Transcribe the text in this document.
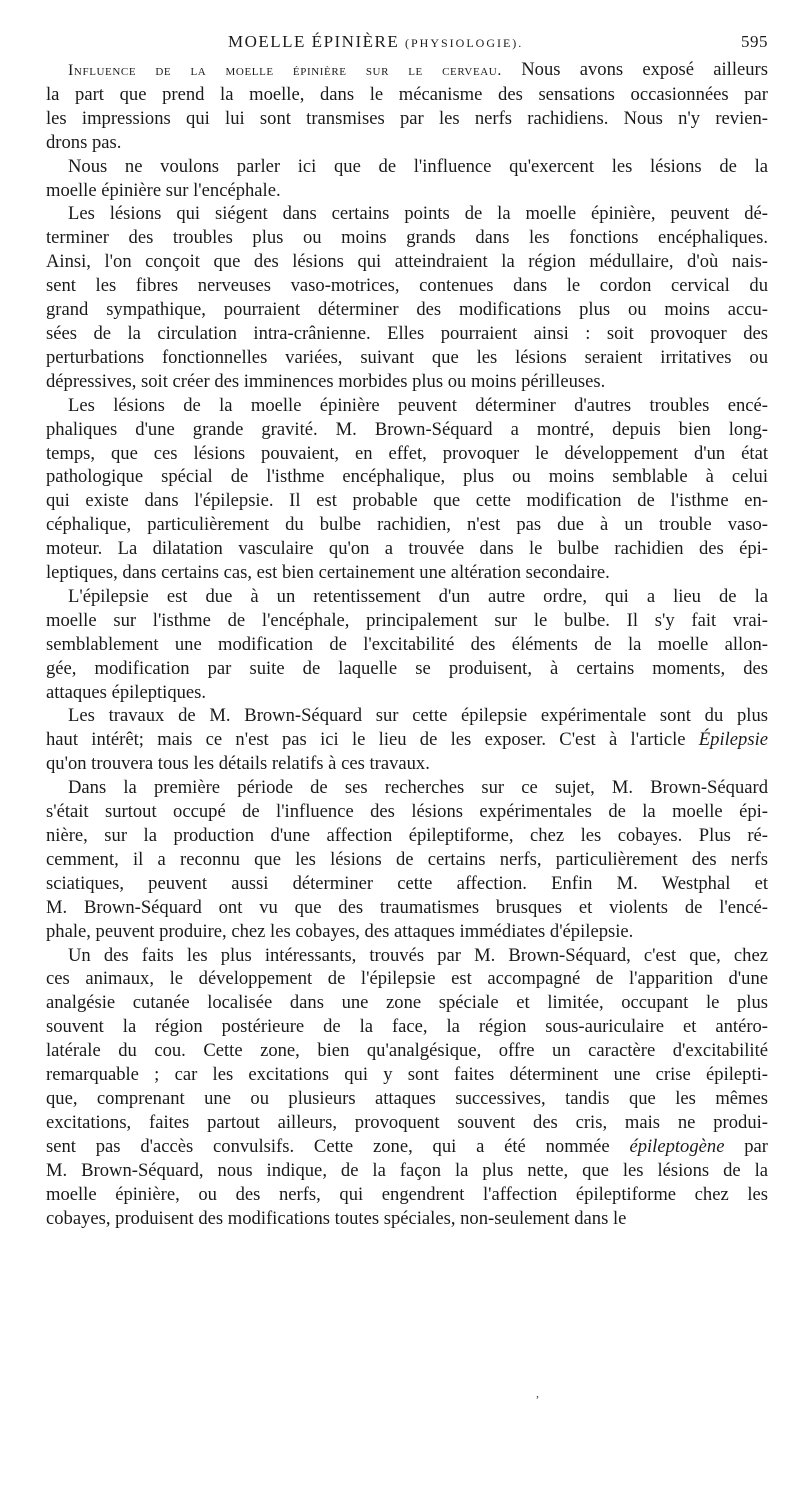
MOELLE ÉPINIÈRE (PHYSIOLOGIE).	595

Influence de la moelle épinière sur le cerveau. Nous avons exposé ailleurs
la part que prend la moelle, dans le mécanisme des sensations occasionnées par
les impressions qui lui sont transmises par les nerfs rachidiens. Nous n'y revien-
drons pas.

Nous ne voulons parler ici que de l'influence qu'exercent les lésions de la
moelle épinière sur l'encéphale.

Les lésions qui siégent dans certains points de la moelle épinière, peuvent dé-
terminer des troubles plus ou moins grands dans les fonctions encéphaliques.
Ainsi, l'on conçoit que des lésions qui atteindraient la région médullaire, d'où nais-
sent les fibres nerveuses vaso-motrices, contenues dans le cordon cervical du
grand sympathique, pourraient déterminer des modifications plus ou moins accu-
sées de la circulation intra-crânienne. Elles pourraient ainsi : soit provoquer des
perturbations fonctionnelles variées, suivant que les lésions seraient irritatives ou
dépressives, soit créer des imminences morbides plus ou moins périlleuses.

Les lésions de la moelle épinière peuvent déterminer d'autres troubles encé-
phaliques d'une grande gravité. M. Brown-Séquard a montré, depuis bien long-
temps, que ces lésions pouvaient, en effet, provoquer le développement d'un état
pathologique spécial de l'isthme encéphalique, plus ou moins semblable à celui
qui existe dans l'épilepsie. Il est probable que cette modification de l'isthme en-
céphalique, particulièrement du bulbe rachidien, n'est pas due à un trouble vaso-
moteur. La dilatation vasculaire qu'on a trouvée dans le bulbe rachidien des épi-
leptiques, dans certains cas, est bien certainement une altération secondaire.

L'épilepsie est due à un retentissement d'un autre ordre, qui a lieu de la
moelle sur l'isthme de l'encéphale, principalement sur le bulbe. Il s'y fait vrai-
semblablement une modification de l'excitabilité des éléments de la moelle allon-
gée, modification par suite de laquelle se produisent, à certains moments, des
attaques épileptiques.

Les travaux de M. Brown-Séquard sur cette épilepsie expérimentale sont du plus
haut intérêt; mais ce n'est pas ici le lieu de les exposer. C'est à l'article Épilepsie
qu'on trouvera tous les détails relatifs à ces travaux.

Dans la première période de ses recherches sur ce sujet, M. Brown-Séquard
s'était surtout occupé de l'influence des lésions expérimentales de la moelle épi-
nière, sur la production d'une affection épileptiforme, chez les cobayes. Plus ré-
cemment, il a reconnu que les lésions de certains nerfs, particulièrement des nerfs
sciatiques, peuvent aussi déterminer cette affection. Enfin M. Westphal et
M. Brown-Séquard ont vu que des traumatismes brusques et violents de l'encé-
phale, peuvent produire, chez les cobayes, des attaques immédiates d'épilepsie.

Un des faits les plus intéressants, trouvés par M. Brown-Séquard, c'est que, chez
ces animaux, le développement de l'épilepsie est accompagné de l'apparition d'une
analgésie cutanée localisée dans une zone spéciale et limitée, occupant le plus
souvent la région postérieure de la face, la région sous-auriculaire et antéro-
latérale du cou. Cette zone, bien qu'analgésique, offre un caractère d'excitabilité
remarquable ; car les excitations qui y sont faites déterminent une crise épilepti-
que, comprenant une ou plusieurs attaques successives, tandis que les mêmes
excitations, faites partout ailleurs, provoquent souvent des cris, mais ne produi-
sent pas d'accès convulsifs. Cette zone, qui a été nommée épileptogène par
M. Brown-Séquard, nous indique, de la façon la plus nette, que les lésions de la
moelle épinière, ou des nerfs, qui engendrent l'affection épileptiforme chez les
cobayes, produisent des modifications toutes spéciales, non-seulement dans le

,
